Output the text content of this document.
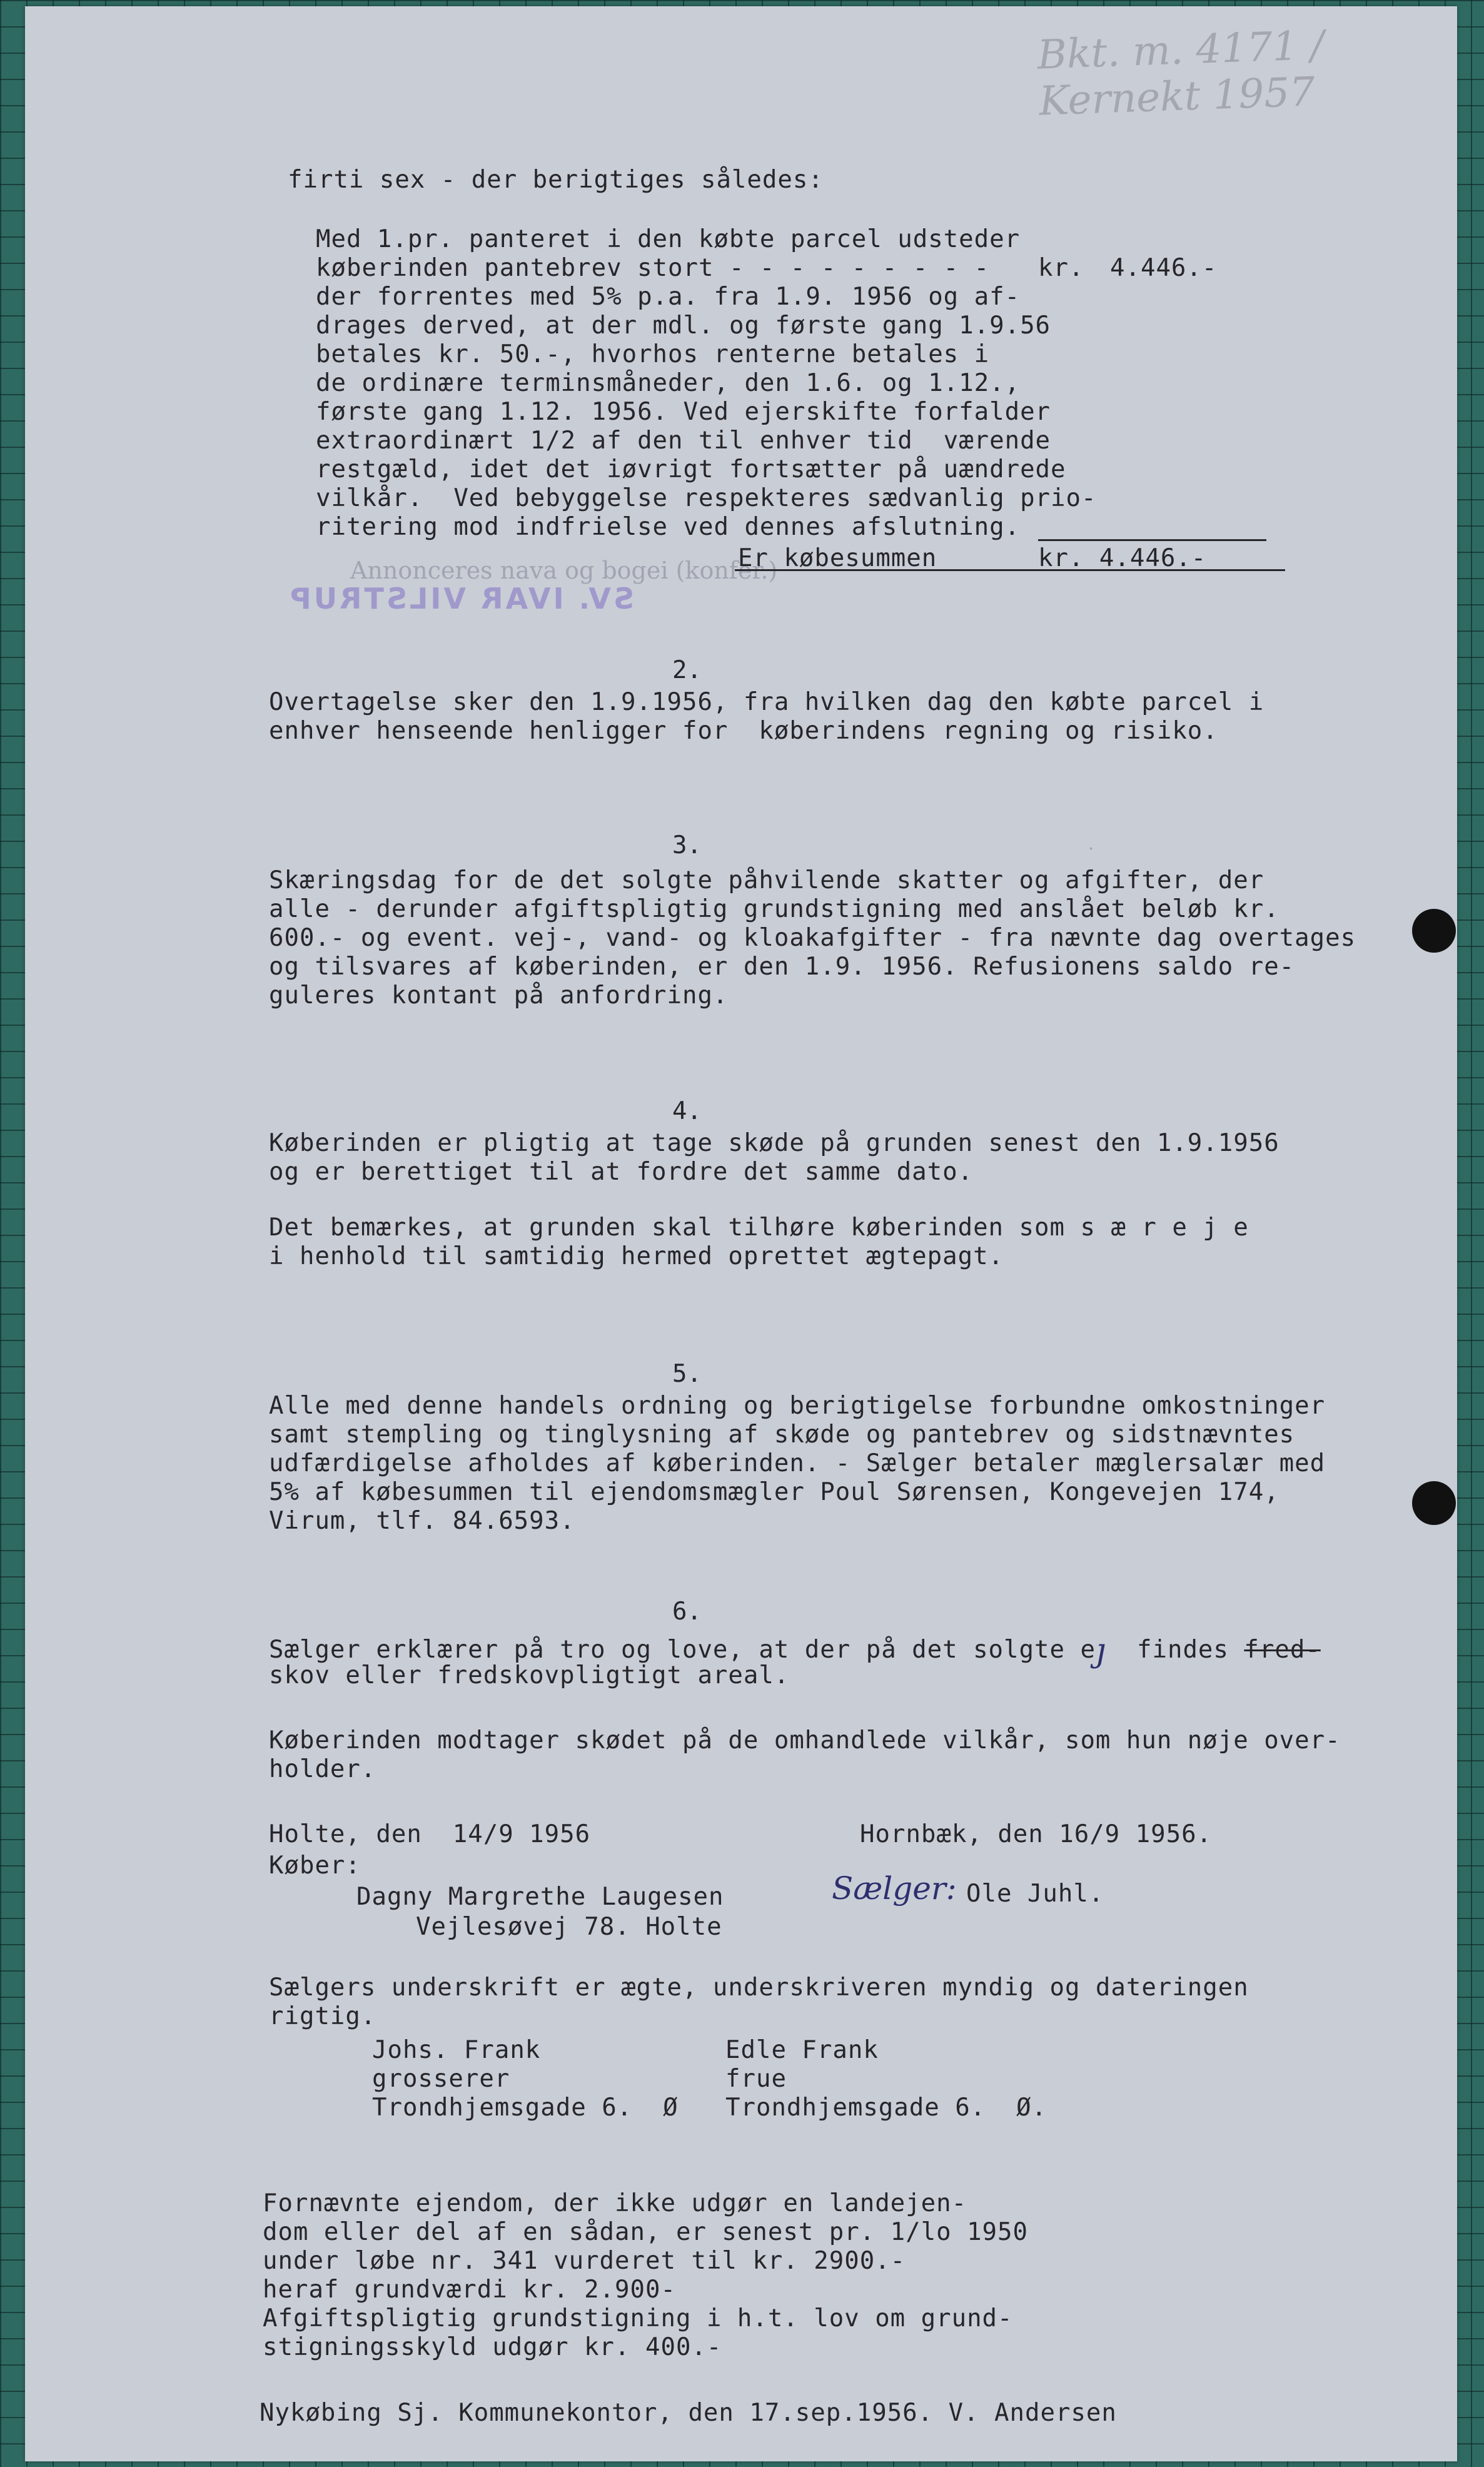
Bkt. m. 4171 / Kernekt 1957
Annonceres nava og bogei (konfer.)
·
SV. IVAR VILSTRUP

firti sex - der berigtiges således:

Med 1.pr. panteret i den købte parcel udsteder

køberinden pantebrev stort - - - - - - - - -

der forrentes med 5% p.a. fra 1.9. 1956 og af-

drages derved, at der mdl. og første gang 1.9.56

betales kr. 50.-, hvorhos renterne betales i

de ordinære terminsmåneder, den 1.6. og 1.12.,

første gang 1.12. 1956. Ved ejerskifte forfalder

extraordinært 1/2 af den til enhver tid  værende

restgæld, idet det iøvrigt fortsætter på uændrede

vilkår.  Ved bebyggelse respekteres sædvanlig prio-

ritering mod indfrielse ved dennes afslutning.

kr. 4.446.-

Er købesummen	kr. 4.446.-

2.

Overtagelse sker den 1.9.1956, fra hvilken dag den købte parcel i
enhver henseende henligger for  køberindens regning og risiko.

3.

Skæringsdag for de det solgte påhvilende skatter og afgifter, der
alle - derunder afgiftspligtig grundstigning med anslået beløb kr.
600.- og event. vej-, vand- og kloakafgifter - fra nævnte dag overtages
og tilsvares af køberinden, er den 1.9. 1956. Refusionens saldo re-
guleres kontant på anfordring.

4.

Køberinden er pligtig at tage skøde på grunden senest den 1.9.1956
og er berettiget til at fordre det samme dato.

Det bemærkes, at grunden skal tilhøre køberinden som s æ r e j e
i henhold til samtidig hermed oprettet ægtepagt.

5.

Alle med denne handels ordning og berigtigelse forbundne omkostninger
samt stempling og tinglysning af skøde og pantebrev og sidstnævntes
udfærdigelse afholdes af køberinden. - Sælger betaler mæglersalær med
5% af købesummen til ejendomsmægler Poul Sørensen, Kongevejen 174,
Virum, tlf. 84.6593.

6.

Sælger erklærer på tro og love, at der på det solgte eȷ  findes fred-

skov eller fredskovpligtigt areal.

Køberinden modtager skødet på de omhandlede vilkår, som hun nøje over-
holder.

Holte, den  14/9 1956	Hornbæk, den 16/9 1956.

Køber:

Dagny Margrethe Laugesen

Vejlesøvej 78. Holte

Sælger: Ole Juhl.

Sælgers underskrift er ægte, underskriveren myndig og dateringen
rigtig.

Johs. Frank
grosserer
Trondhjemsgade 6.  Ø

Edle Frank
frue
Trondhjemsgade 6.  Ø.

Fornævnte ejendom, der ikke udgør en landejen-
dom eller del af en sådan, er senest pr. 1/lo 1950
under løbe nr. 341 vurderet til kr. 2900.-
heraf grundværdi kr. 2.900-
Afgiftspligtig grundstigning i h.t. lov om grund-
stigningsskyld udgør kr. 400.-

Nykøbing Sj. Kommunekontor, den 17.sep.1956. V. Andersen
